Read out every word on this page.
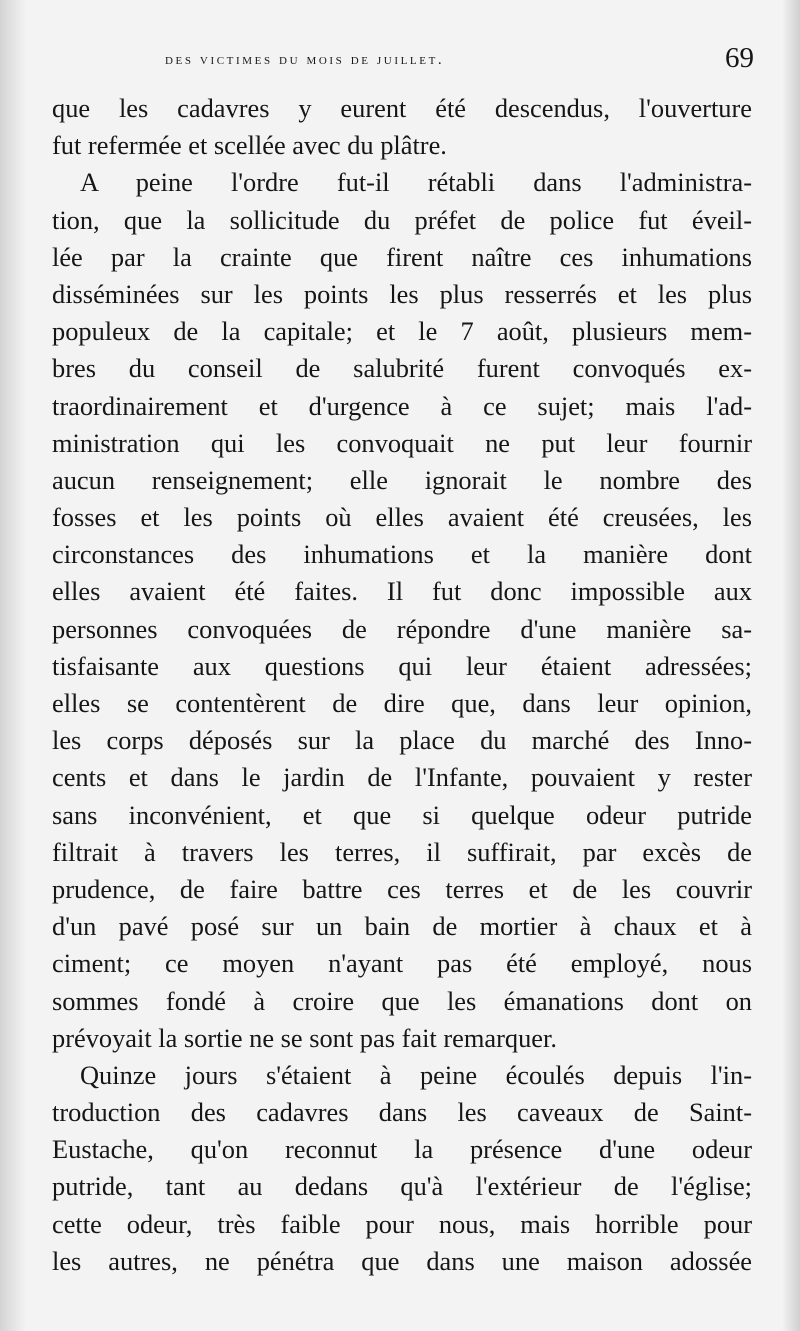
des victimes du mois de juillet.	69
que les cadavres y eurent été descendus, l'ouverture
fut refermée et scellée avec du plâtre.
A peine l'ordre fut-il rétabli dans l'administra-
tion, que la sollicitude du préfet de police fut éveil-
lée par la crainte que firent naître ces inhumations
disséminées sur les points les plus resserrés et les plus
populeux de la capitale; et le 7 août, plusieurs mem-
bres du conseil de salubrité furent convoqués ex-
traordinairement et d'urgence à ce sujet; mais l'ad-
ministration qui les convoquait ne put leur fournir
aucun renseignement; elle ignorait le nombre des
fosses et les points où elles avaient été creusées, les
circonstances des inhumations et la manière dont
elles avaient été faites. Il fut donc impossible aux
personnes convoquées de répondre d'une manière sa-
tisfaisante aux questions qui leur étaient adressées;
elles se contentèrent de dire que, dans leur opinion,
les corps déposés sur la place du marché des Inno-
cents et dans le jardin de l'Infante, pouvaient y rester
sans inconvénient, et que si quelque odeur putride
filtrait à travers les terres, il suffirait, par excès de
prudence, de faire battre ces terres et de les couvrir
d'un pavé posé sur un bain de mortier à chaux et à
ciment; ce moyen n'ayant pas été employé, nous
sommes fondé à croire que les émanations dont on
prévoyait la sortie ne se sont pas fait remarquer.
Quinze jours s'étaient à peine écoulés depuis l'in-
troduction des cadavres dans les caveaux de Saint-
Eustache, qu'on reconnut la présence d'une odeur
putride, tant au dedans qu'à l'extérieur de l'église;
cette odeur, très faible pour nous, mais horrible pour
les autres, ne pénétra que dans une maison adossée
